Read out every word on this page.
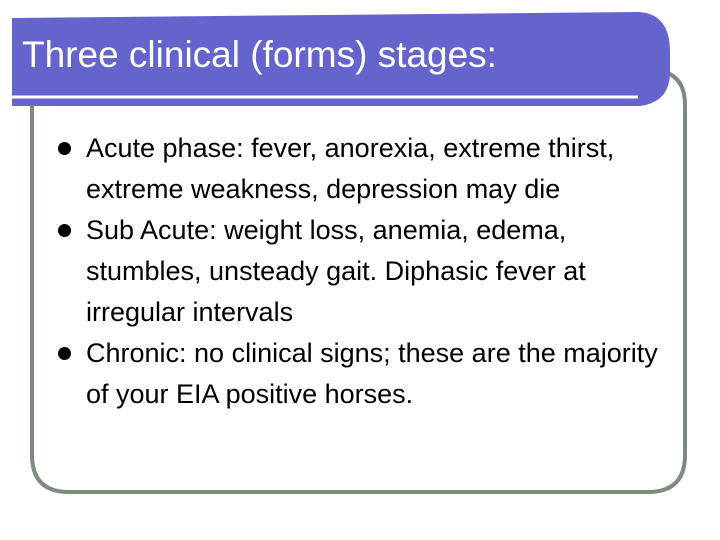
Three clinical (forms) stages:
Acute phase: fever, anorexia, extreme thirst, extreme weakness, depression may die
Sub Acute: weight loss, anemia, edema, stumbles, unsteady gait. Diphasic fever at irregular intervals
Chronic: no clinical signs; these are the majority of your EIA positive horses.
